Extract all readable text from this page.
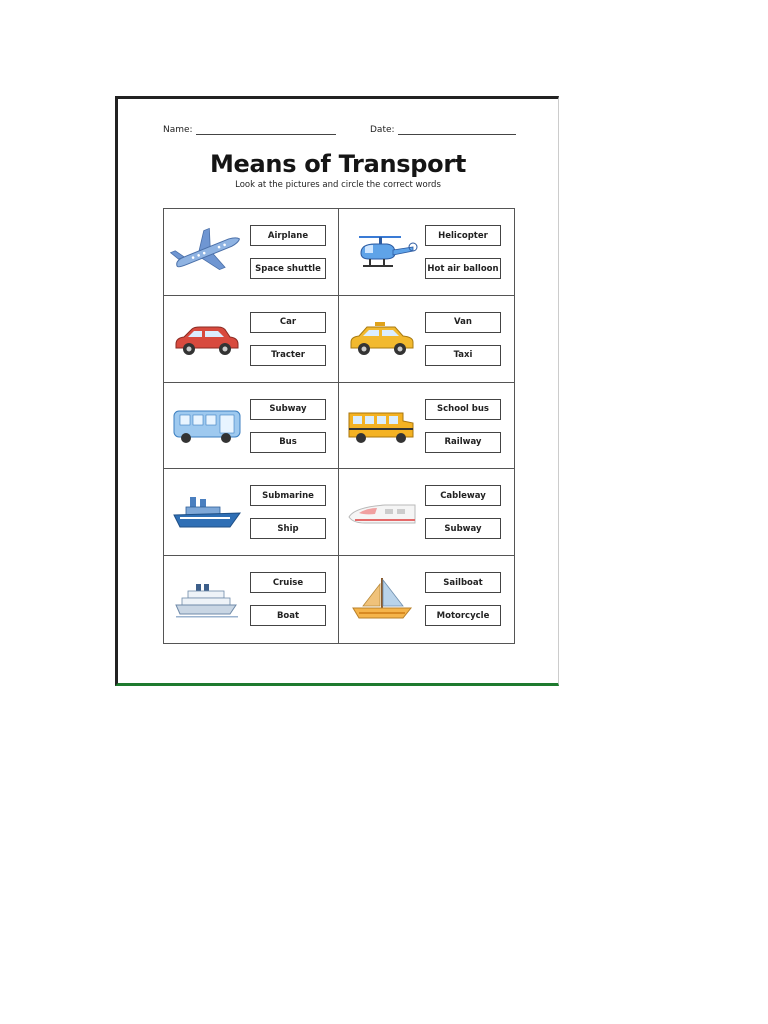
Name:	Date:
Means of Transport
Look at the pictures and circle the correct words
Airplane
Space shuttle
Helicopter
Hot air balloon
Car
Tracter
Van
Taxi
Subway
Bus
School bus
Railway
Submarine
Ship
Cableway
Subway
Cruise
Boat
Sailboat
Motorcycle
